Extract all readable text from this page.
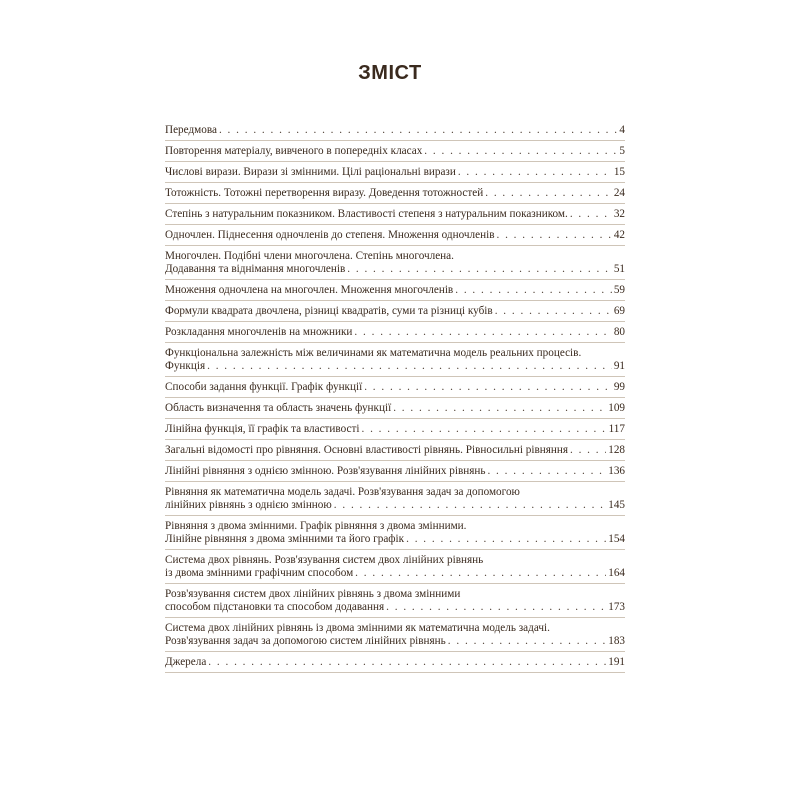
ЗМІСТ
Передмова . . .	4
Повторення матеріалу, вивченого в попередніх класах . . .	5
Числові вирази. Вирази зі змінними. Цілі раціональні вирази . . .	15
Тотожність. Тотожні перетворення виразу. Доведення тотожностей . . .	24
Степінь з натуральним показником. Властивості степеня з натуральним показником. . . .	32
Одночлен. Піднесення одночленів до степеня. Множення одночленів . . .	42
Многочлен. Подібні члени многочлена. Степінь многочлена.
Додавання та віднімання многочленів . . .	51
Множення одночлена на многочлен. Множення многочленів . . .	59
Формули квадрата двочлена, різниці квадратів, суми та різниці кубів . . .	69
Розкладання многочленів на множники . . .	80
Функціональна залежність між величинами як математична модель реальних процесів.
Функція . . .	91
Способи задання функції. Графік функції . . .	99
Область визначення та область значень функції . . .	109
Лінійна функція, її графік та властивості . . .	117
Загальні відомості про рівняння. Основні властивості рівнянь. Рівносильні рівняння . . .	128
Лінійні рівняння з однією змінною. Розв'язування лінійних рівнянь . . .	136
Рівняння як математична модель задачі. Розв'язування задач за допомогою
лінійних рівнянь з однією змінною . . .	145
Рівняння з двома змінними. Графік рівняння з двома змінними.
Лінійне рівняння з двома змінними та його графік . . .	154
Система двох рівнянь. Розв'язування систем двох лінійних рівнянь
із двома змінними графічним способом . . .	164
Розв'язування систем двох лінійних рівнянь з двома змінними
способом підстановки та способом додавання . . .	173
Система двох лінійних рівнянь із двома змінними як математична модель задачі.
Розв'язування задач за допомогою систем лінійних рівнянь . . .	183
Джерела . . .	191
